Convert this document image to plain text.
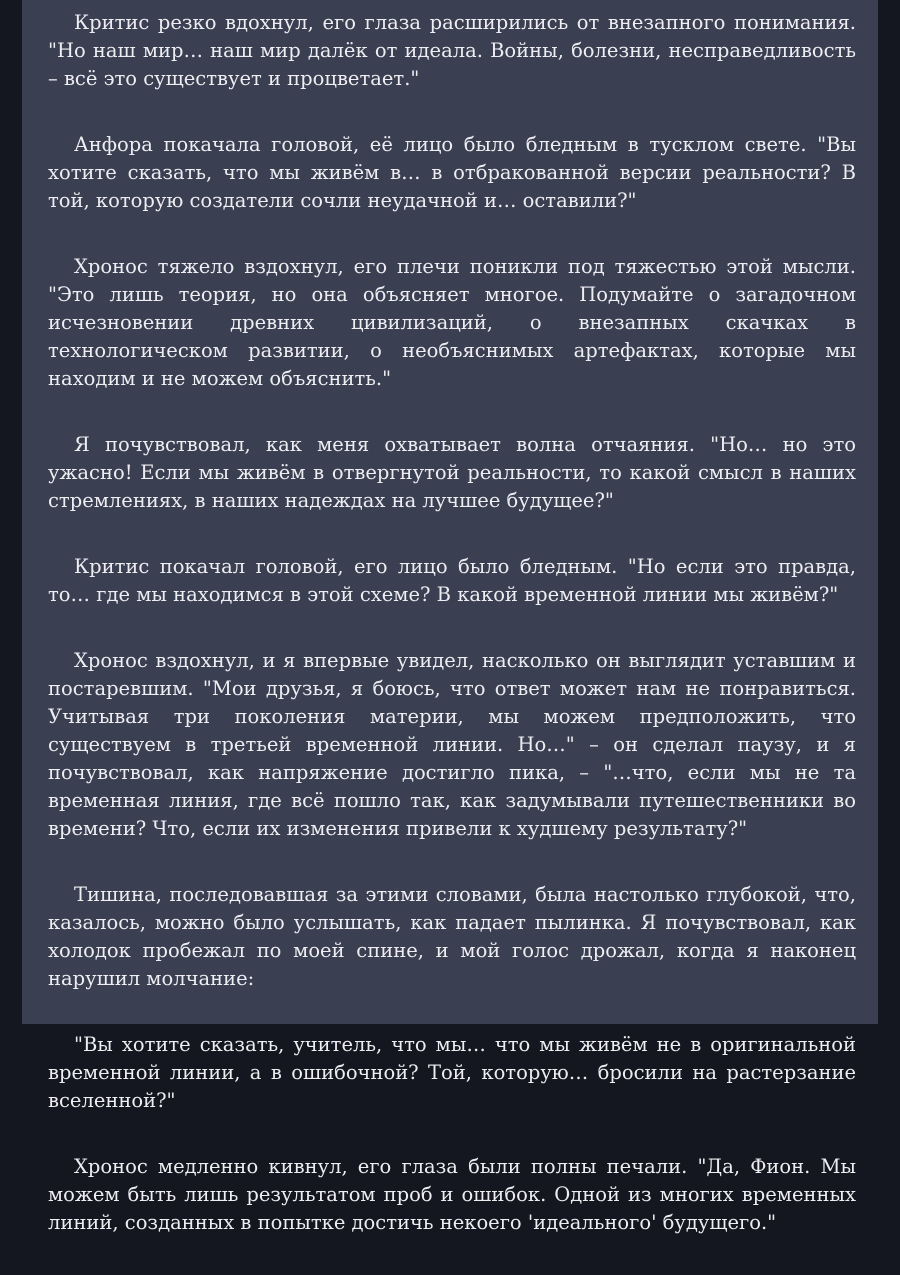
Критис резко вдохнул, его глаза расширились от внезапного понимания. "Но наш мир… наш мир далёк от идеала. Войны, болезни, несправедливость – всё это существует и процветает."

Анфора покачала головой, её лицо было бледным в тусклом свете. "Вы хотите сказать, что мы живём в… в отбракованной версии реальности? В той, которую создатели сочли неудачной и… оставили?"

Хронос тяжело вздохнул, его плечи поникли под тяжестью этой мысли. "Это лишь теория, но она объясняет многое. Подумайте о загадочном исчезновении древних цивилизаций, о внезапных скачках в технологическом развитии, о необъяснимых артефактах, которые мы находим и не можем объяснить."

Я почувствовал, как меня охватывает волна отчаяния. "Но… но это ужасно! Если мы живём в отвергнутой реальности, то какой смысл в наших стремлениях, в наших надеждах на лучшее будущее?"

Критис покачал головой, его лицо было бледным. "Но если это правда, то… где мы находимся в этой схеме? В какой временной линии мы живём?"

Хронос вздохнул, и я впервые увидел, насколько он выглядит уставшим и постаревшим. "Мои друзья, я боюсь, что ответ может нам не понравиться. Учитывая три поколения материи, мы можем предположить, что существуем в третьей временной линии. Но…" – он сделал паузу, и я почувствовал, как напряжение достигло пика, – "…что, если мы не та временная линия, где всё пошло так, как задумывали путешественники во времени? Что, если их изменения привели к худшему результату?"

Тишина, последовавшая за этими словами, была настолько глубокой, что, казалось, можно было услышать, как падает пылинка. Я почувствовал, как холодок пробежал по моей спине, и мой голос дрожал, когда я наконец нарушил молчание:

"Вы хотите сказать, учитель, что мы… что мы живём не в оригинальной временной линии, а в ошибочной? Той, которую… бросили на растерзание вселенной?"

Хронос медленно кивнул, его глаза были полны печали. "Да, Фион. Мы можем быть лишь результатом проб и ошибок. Одной из многих временных линий, созданных в попытке достичь некоего 'идеального' будущего."
